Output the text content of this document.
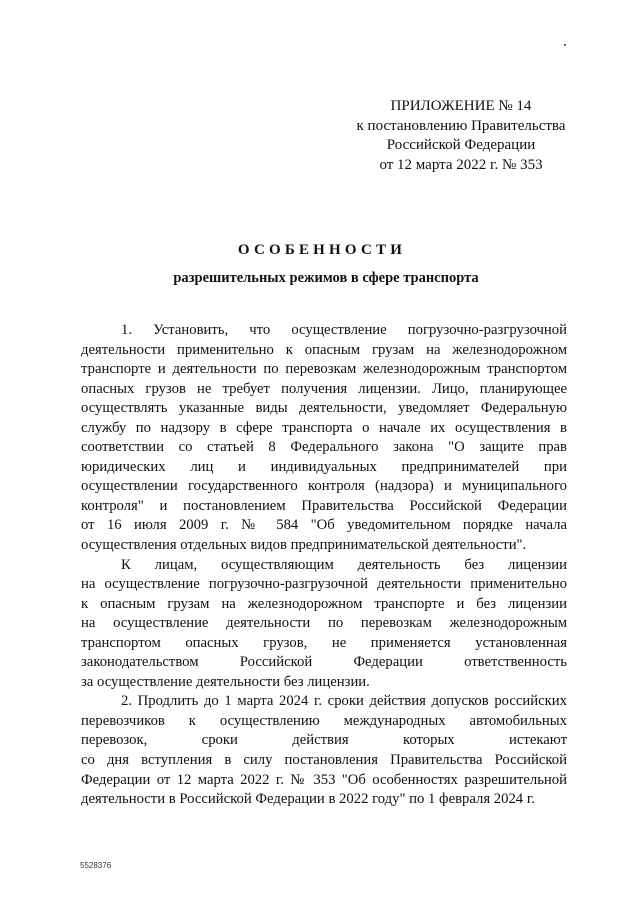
ПРИЛОЖЕНИЕ № 14
к постановлению Правительства
Российской Федерации
от 12 марта 2022 г. № 353
ОСОБЕННОСТИ
разрешительных режимов в сфере транспорта
1. Установить, что осуществление погрузочно-разгрузочной
деятельности применительно к опасным грузам на железнодорожном
транспорте и деятельности по перевозкам железнодорожным транспортом
опасных грузов не требует получения лицензии. Лицо, планирующее
осуществлять указанные виды деятельности, уведомляет Федеральную
службу по надзору в сфере транспорта о начале их осуществления в
соответствии со статьей 8 Федерального закона "О защите прав
юридических лиц и индивидуальных предпринимателей при
осуществлении государственного контроля (надзора) и муниципального
контроля" и постановлением Правительства Российской Федерации
от 16 июля 2009 г. № 584 "Об уведомительном порядке начала
осуществления отдельных видов предпринимательской деятельности".
К лицам, осуществляющим деятельность без лицензии
на осуществление погрузочно-разгрузочной деятельности применительно
к опасным грузам на железнодорожном транспорте и без лицензии
на осуществление деятельности по перевозкам железнодорожным
транспортом опасных грузов, не применяется установленная
законодательством Российской Федерации ответственность
за осуществление деятельности без лицензии.
2. Продлить до 1 марта 2024 г. сроки действия допусков российских
перевозчиков к осуществлению международных автомобильных
перевозок, сроки действия которых истекают
со дня вступления в силу постановления Правительства Российской
Федерации от 12 марта 2022 г. № 353 "Об особенностях разрешительной
деятельности в Российской Федерации в 2022 году" по 1 февраля 2024 г.
5528376
